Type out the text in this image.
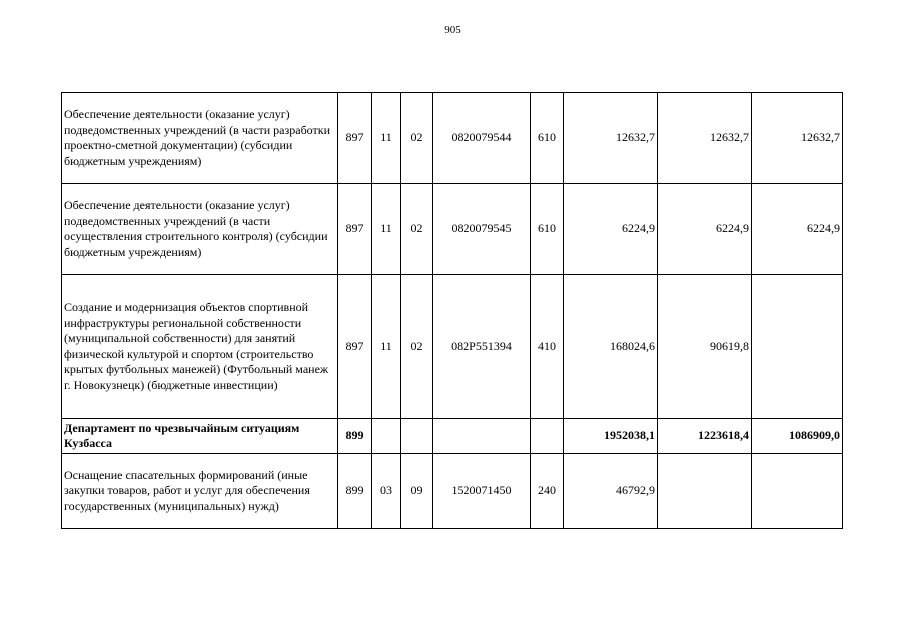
905
Обеспечение деятельности (оказание услуг) подведомственных учреждений (в части разработки проектно-сметной документации) (субсидии бюджетным учреждениям)	897	11	02	0820079544	610	12632,7	12632,7	12632,7
Обеспечение деятельности (оказание услуг) подведомственных учреждений (в части осуществления строительного контроля) (субсидии бюджетным учреждениям)	897	11	02	0820079545	610	6224,9	6224,9	6224,9
Создание и модернизация объектов спортивной инфраструктуры региональной собственности (муниципальной собственности) для занятий физической культурой и спортом (строительство крытых футбольных манежей) (Футбольный манеж г. Новокузнецк) (бюджетные инвестиции)	897	11	02	082P551394	410	168024,6	90619,8	
Департамент по чрезвычайным ситуациям Кузбасса	899					1952038,1	1223618,4	1086909,0
Оснащение спасательных формирований (иные закупки товаров, работ и услуг для обеспечения государственных (муниципальных) нужд)	899	03	09	1520071450	240	46792,9		
